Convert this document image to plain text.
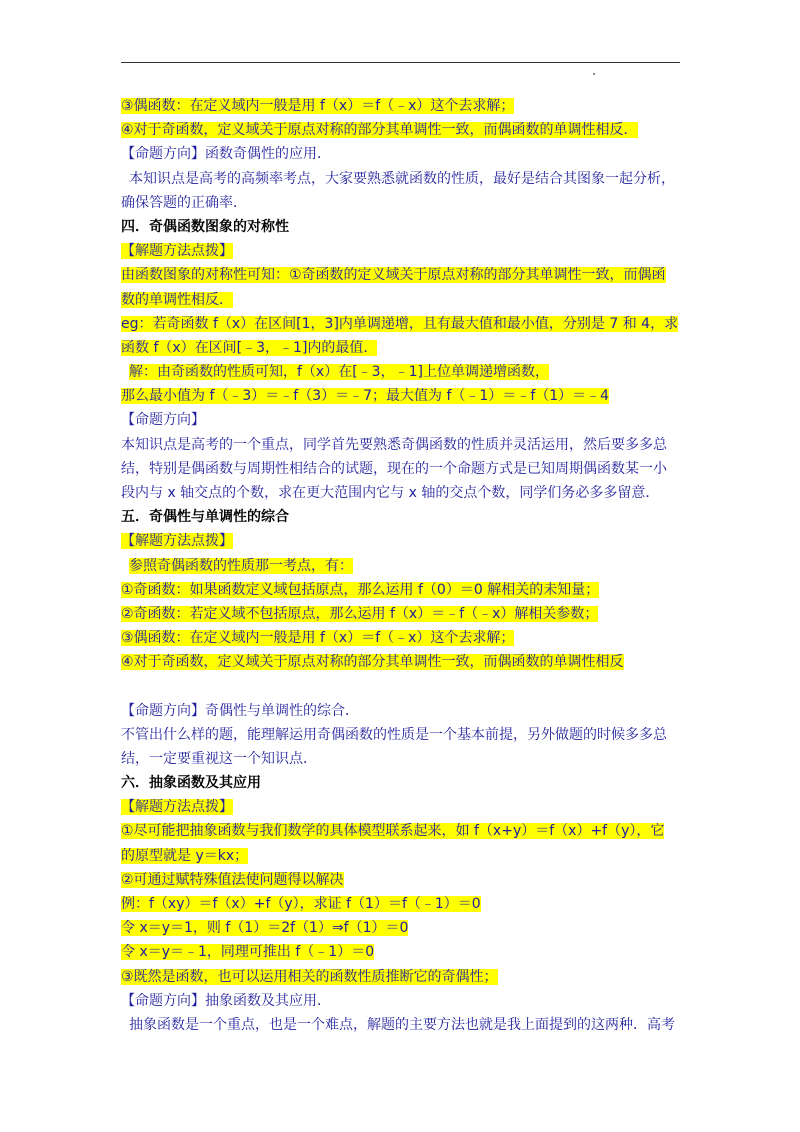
③偶函数：在定义域内一般是用 f（x）＝f（﹣x）这个去求解；
④对于奇函数，定义域关于原点对称的部分其单调性一致，而偶函数的单调性相反．
【命题方向】函数奇偶性的应用．
本知识点是高考的高频率考点，大家要熟悉就函数的性质，最好是结合其图象一起分析，
确保答题的正确率．
四．奇偶函数图象的对称性
【解题方法点拨】
由函数图象的对称性可知：①奇函数的定义域关于原点对称的部分其单调性一致，而偶函
数的单调性相反．
eg：若奇函数 f（x）在区间[1，3]内单调递增，且有最大值和最小值，分别是 7 和 4，求
函数 f（x）在区间[﹣3，﹣1]内的最值．
解：由奇函数的性质可知，f（x）在[﹣3，﹣1]上位单调递增函数，
那么最小值为 f（﹣3）＝﹣f（3）＝﹣7；最大值为 f（﹣1）＝﹣f（1）＝﹣4
【命题方向】
本知识点是高考的一个重点，同学首先要熟悉奇偶函数的性质并灵活运用，然后要多多总
结，特别是偶函数与周期性相结合的试题，现在的一个命题方式是已知周期偶函数某一小
段内与 x 轴交点的个数，求在更大范围内它与 x 轴的交点个数，同学们务必多多留意．
五．奇偶性与单调性的综合
【解题方法点拨】
参照奇偶函数的性质那一考点，有：
①奇函数：如果函数定义域包括原点，那么运用 f（0）＝0 解相关的未知量；
②奇函数：若定义域不包括原点，那么运用 f（x）＝﹣f（﹣x）解相关参数；
③偶函数：在定义域内一般是用 f（x）＝f（﹣x）这个去求解；
④对于奇函数，定义域关于原点对称的部分其单调性一致，而偶函数的单调性相反
【命题方向】奇偶性与单调性的综合．
不管出什么样的题，能理解运用奇偶函数的性质是一个基本前提，另外做题的时候多多总
结，一定要重视这一个知识点．
六．抽象函数及其应用
【解题方法点拨】
①尽可能把抽象函数与我们数学的具体模型联系起来，如 f（x+y）＝f（x）+f（y），它
的原型就是 y＝kx；
②可通过赋特殊值法使问题得以解决
例：f（xy）＝f（x）+f（y），求证 f（1）＝f（﹣1）＝0
令 x＝y＝1，则 f（1）＝2f（1）⇒f（1）＝0
令 x＝y＝﹣1，同理可推出 f（﹣1）＝0
③既然是函数，也可以运用相关的函数性质推断它的奇偶性；
【命题方向】抽象函数及其应用．
抽象函数是一个重点，也是一个难点，解题的主要方法也就是我上面提到的这两种．高考
